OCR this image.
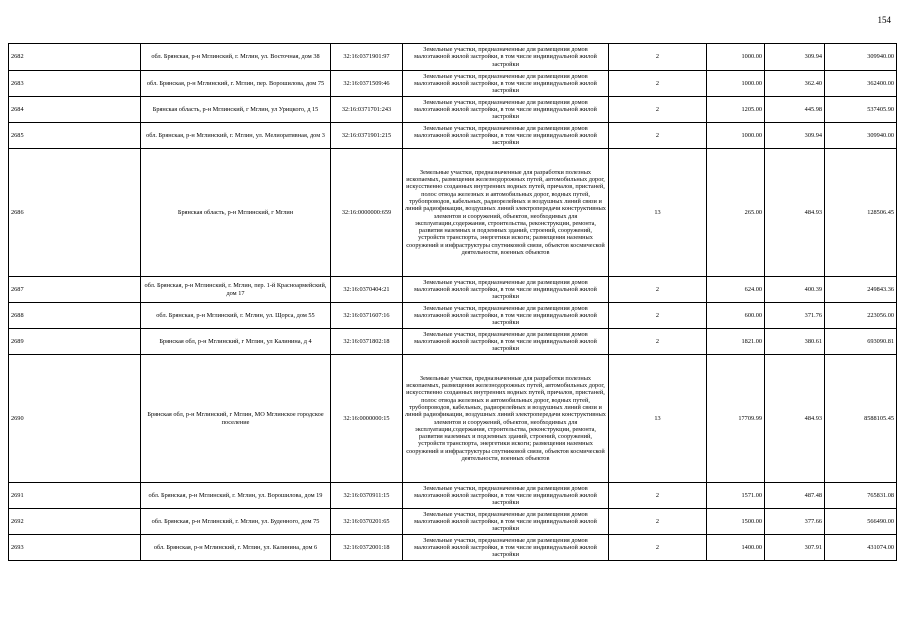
154
2682	обл. Брянская, р-н Мглинский, г. Мглин, ул. Восточная, дом 38	32:16:0371901:97	Земельные участки, предназначенные для размещения домов малоэтажной жилой застройки, в том числе индивидуальной жилой застройки	2	1000.00	309.94	309940.00
2683	обл. Брянская, р-н Мглинский, г. Мглин, пер. Ворошилова, дом 75	32:16:0371509:46	Земельные участки, предназначенные для размещения домов малоэтажной жилой застройки, в том числе индивидуальной жилой застройки	2	1000.00	362.40	362400.00
2684	Брянская область, р-н Мглинский, г Мглин, ул Урицкого, д 15	32:16:0371701:243	Земельные участки, предназначенные для размещения домов малоэтажной жилой застройки, в том числе индивидуальной жилой застройки	2	1205.00	445.98	537405.90
2685	обл. Брянская, р-н Мглинский, г. Мглин, ул. Мелиоративная, дом 3	32:16:0371901:215	Земельные участки, предназначенные для размещения домов малоэтажной жилой застройки, в том числе индивидуальной жилой застройки	2	1000.00	309.94	309940.00
2686	Брянская область, р-н Мглинский, г Мглин	32:16:0000000:659	Земельные участки, предназначенные для разработки полезных ископаемых, размещения железнодорожных путей, автомобильных дорог, искусственно созданных внутренних водных путей, причалов, пристаней, полос отвода железных и автомобильных дорог, водных путей, трубопроводов, кабельных, радиорелейных и воздушных линий связи и линий радиофикации, воздушных линий электропередачи конструктивных элементов и сооружений, объектов, необходимых для эксплуатации,содержания, строительства, реконструкции, ремонта, развития наземных и подземных зданий, строений, сооружений, устройств транспорта, энергетики искоги; размещения наземных сооружений и инфраструктуры спутниковой связи, объектов космической деятельности, военных объектов	13	265.00	484.93	128506.45
2687	обл. Брянская, р-н Мглинский, г. Мглин, пер. 1-й Красноармейский, дом 17	32:16:0370404:21	Земельные участки, предназначенные для размещения домов малоэтажной жилой застройки, в том числе индивидуальной жилой застройки	2	624.00	400.39	249843.36
2688	обл. Брянская, р-н Мглинский, г. Мглин, ул. Щорса, дом 55	32:16:0371607:16	Земельные участки, предназначенные для размещения домов малоэтажной жилой застройки, в том числе индивидуальной жилой застройки	2	600.00	371.76	223056.00
2689	Брянская обл, р-н Мглинский, г Мглин, ул Калинина, д 4	32:16:0371802:18	Земельные участки, предназначенные для размещения домов малоэтажной жилой застройки, в том числе индивидуальной жилой застройки	2	1821.00	380.61	693090.81
2690	Брянская обл, р-н Мглинский, г Мглин, МО Мглинское городское поселение	32:16:0000000:15	Земельные участки, предназначенные для разработки полезных ископаемых, размещения железнодорожных путей, автомобильных дорог, искусственно созданных внутренних водных путей, причалов, пристаней, полос отвода железных и автомобильных дорог, водных путей, трубопроводов, кабельных, радиорелейных и воздушных линий связи и линий радиофикации, воздушных линий электропередачи конструктивных элементов и сооружений, объектов, необходимых для эксплуатации,содержания, строительства, реконструкции, ремонта, развития наземных и подземных зданий, строений, сооружений, устройств транспорта, энергетики искоги; размещения наземных сооружений и инфраструктуры спутниковой связи, объектов космической деятельности, военных объектов	13	17709.99	484.93	8588105.45
2691	обл. Брянская, р-н Мглинский, г. Мглин, ул. Ворошилова, дом 19	32:16:0370911:15	Земельные участки, предназначенные для размещения домов малоэтажной жилой застройки, в том числе индивидуальной жилой застройки	2	1571.00	487.48	765831.08
2692	обл. Брянская, р-н Мглинский, г. Мглин, ул. Буденного, дом 75	32:16:0370201:65	Земельные участки, предназначенные для размещения домов малоэтажной жилой застройки, в том числе индивидуальной жилой застройки	2	1500.00	377.66	566490.00
2693	обл. Брянская, р-н Мглинский, г. Мглин, ул. Калинина, дом 6	32:16:0372001:18	Земельные участки, предназначенные для размещения домов малоэтажной жилой застройки, в том числе индивидуальной жилой застройки	2	1400.00	307.91	431074.00
